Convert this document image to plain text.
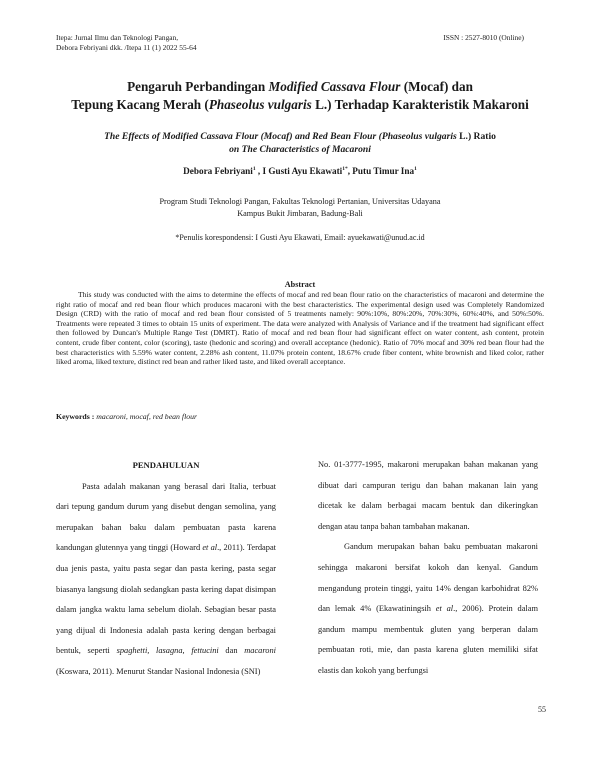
Itepa: Jurnal Ilmu dan Teknologi Pangan,
Debora Febriyani dkk. /Itepa 11 (1) 2022 55-64
ISSN : 2527-8010 (Online)
Pengaruh Perbandingan Modified Cassava Flour (Mocaf) dan
Tepung Kacang Merah (Phaseolus vulgaris L.) Terhadap Karakteristik Makaroni
The Effects of Modified Cassava Flour (Mocaf) and Red Bean Flour (Phaseolus vulgaris L.) Ratio
on The Characteristics of Macaroni
Debora Febriyani$^1$ , I Gusti Ayu Ekawati$^{1*}$, Putu Timur Ina$^1$
Program Studi Teknologi Pangan, Fakultas Teknologi Pertanian, Universitas Udayana
Kampus Bukit Jimbaran, Badung-Bali
*Penulis korespondensi: I Gusti Ayu Ekawati, Email: ayuekawati@unud.ac.id
Abstract
This study was conducted with the aims to determine the effects of mocaf and red bean flour ratio on the characteristics of macaroni and determine the right ratio of mocaf and red bean flour which produces macaroni with the best characteristics. The experimental design used was Completely Randomized Design (CRD) with the ratio of mocaf and red bean flour consisted of 5 treatments namely: 90%:10%, 80%:20%, 70%:30%, 60%:40%, and 50%:50%. Treatments were repeated 3 times to obtain 15 units of experiment. The data were analyzed with Analysis of Variance and if the treatment had significant effect then followed by Duncan's Multiple Range Test (DMRT). Ratio of mocaf and red bean flour had significant effect on water content, ash content, protein content, crude fiber content, color (scoring), taste (hedonic and scoring) and overall acceptance (hedonic). Ratio of 70% mocaf and 30% red bean flour had the best characteristics with 5.59% water content, 2.28% ash content, 11.07% protein content, 18.67% crude fiber content, white brownish and liked color, rather liked aroma, liked texture, distinct red bean and rather liked taste, and liked overall acceptance.
Keywords : macaroni, mocaf, red bean flour
PENDAHULUAN

Pasta adalah makanan yang berasal dari Italia, terbuat dari tepung gandum durum yang disebut dengan semolina, yang merupakan bahan baku dalam pembuatan pasta karena kandungan glutennya yang tinggi (Howard et al., 2011). Terdapat dua jenis pasta, yaitu pasta segar dan pasta kering, pasta segar biasanya langsung diolah sedangkan pasta kering dapat disimpan dalam jangka waktu lama sebelum diolah. Sebagian besar pasta yang dijual di Indonesia adalah pasta kering dengan berbagai bentuk, seperti spaghetti, lasagna, fettucini dan macaroni (Koswara, 2011). Menurut Standar Nasional Indonesia (SNI)

No. 01-3777-1995, makaroni merupakan bahan makanan yang dibuat dari campuran terigu dan bahan makanan lain yang dicetak ke dalam berbagai macam bentuk dan dikeringkan dengan atau tanpa bahan tambahan makanan.

Gandum merupakan bahan baku pembuatan makaroni sehingga makaroni bersifat kokoh dan kenyal. Gandum mengandung protein tinggi, yaitu 14% dengan karbohidrat 82% dan lemak 4% (Ekawatiningsih et al., 2006). Protein dalam gandum mampu membentuk gluten yang berperan dalam pembuatan roti, mie, dan pasta karena gluten memiliki sifat elastis dan kokoh yang berfungsi

55
